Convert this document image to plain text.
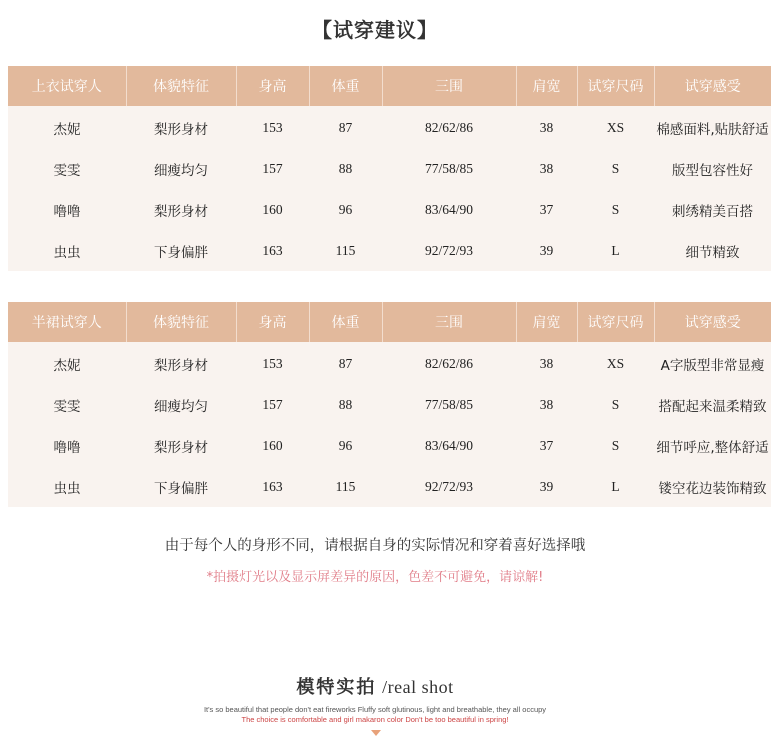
【试穿建议】
上衣试穿人	体貌特征	身高	体重	三围	肩宽	试穿尺码	试穿感受
杰妮	梨形身材	153	87	82/62/86	38	XS	棉感面料,贴肤舒适
雯雯	细瘦均匀	157	88	77/58/85	38	S	版型包容性好
噜噜	梨形身材	160	96	83/64/90	37	S	刺绣精美百搭
虫虫	下身偏胖	163	115	92/72/93	39	L	细节精致
半裙试穿人	体貌特征	身高	体重	三围	肩宽	试穿尺码	试穿感受
杰妮	梨形身材	153	87	82/62/86	38	XS	A字版型非常显瘦
雯雯	细瘦均匀	157	88	77/58/85	38	S	搭配起来温柔精致
噜噜	梨形身材	160	96	83/64/90	37	S	细节呼应,整体舒适
虫虫	下身偏胖	163	115	92/72/93	39	L	镂空花边装饰精致
由于每个人的身形不同，请根据自身的实际情况和穿着喜好选择哦
*拍摄灯光以及显示屏差异的原因，色差不可避免，请谅解!
模特实拍 /real shot
It's so beautiful that people don't eat fireworks Fluffy soft glutinous, light and breathable, they all occupy
The choice is comfortable and girl makaron color Don't be too beautiful in spring!
